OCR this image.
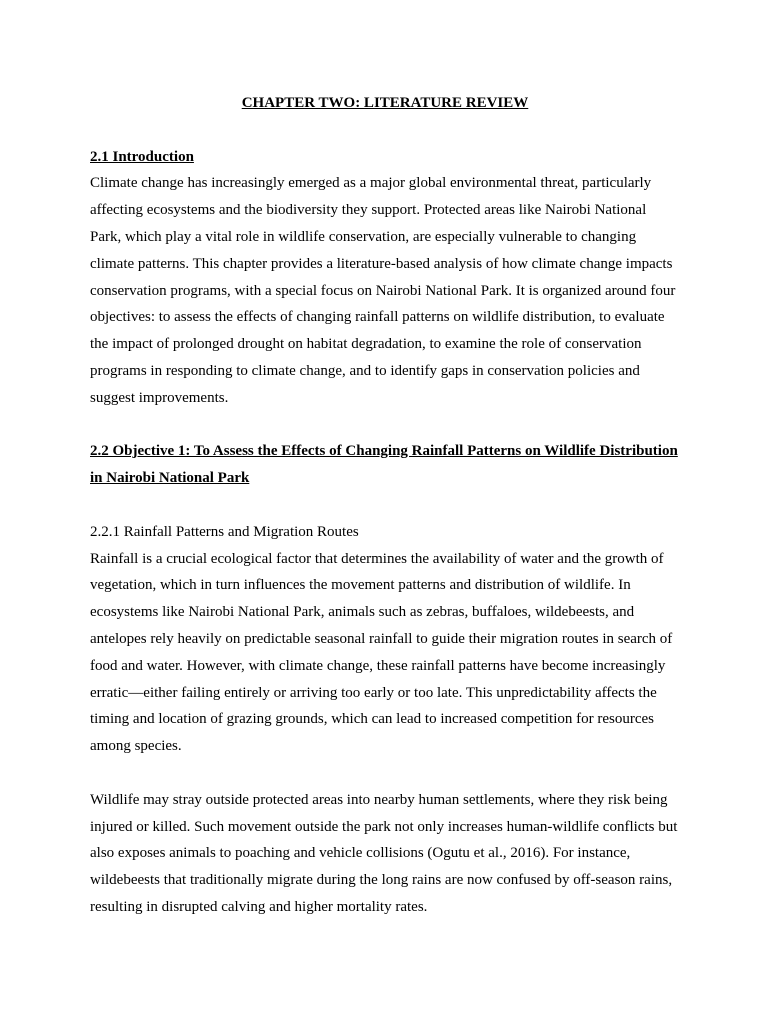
CHAPTER TWO: LITERATURE REVIEW
2.1 Introduction

Climate change has increasingly emerged as a major global environmental threat, particularly affecting ecosystems and the biodiversity they support. Protected areas like Nairobi National Park, which play a vital role in wildlife conservation, are especially vulnerable to changing climate patterns. This chapter provides a literature-based analysis of how climate change impacts conservation programs, with a special focus on Nairobi National Park. It is organized around four objectives: to assess the effects of changing rainfall patterns on wildlife distribution, to evaluate the impact of prolonged drought on habitat degradation, to examine the role of conservation programs in responding to climate change, and to identify gaps in conservation policies and suggest improvements.

2.2 Objective 1: To Assess the Effects of Changing Rainfall Patterns on Wildlife Distribution in Nairobi National Park
2.2.1 Rainfall Patterns and Migration Routes

Rainfall is a crucial ecological factor that determines the availability of water and the growth of vegetation, which in turn influences the movement patterns and distribution of wildlife. In ecosystems like Nairobi National Park, animals such as zebras, buffaloes, wildebeests, and antelopes rely heavily on predictable seasonal rainfall to guide their migration routes in search of food and water. However, with climate change, these rainfall patterns have become increasingly erratic—either failing entirely or arriving too early or too late. This unpredictability affects the timing and location of grazing grounds, which can lead to increased competition for resources among species.

Wildlife may stray outside protected areas into nearby human settlements, where they risk being injured or killed. Such movement outside the park not only increases human-wildlife conflicts but also exposes animals to poaching and vehicle collisions (Ogutu et al., 2016). For instance, wildebeests that traditionally migrate during the long rains are now confused by off-season rains, resulting in disrupted calving and higher mortality rates.
